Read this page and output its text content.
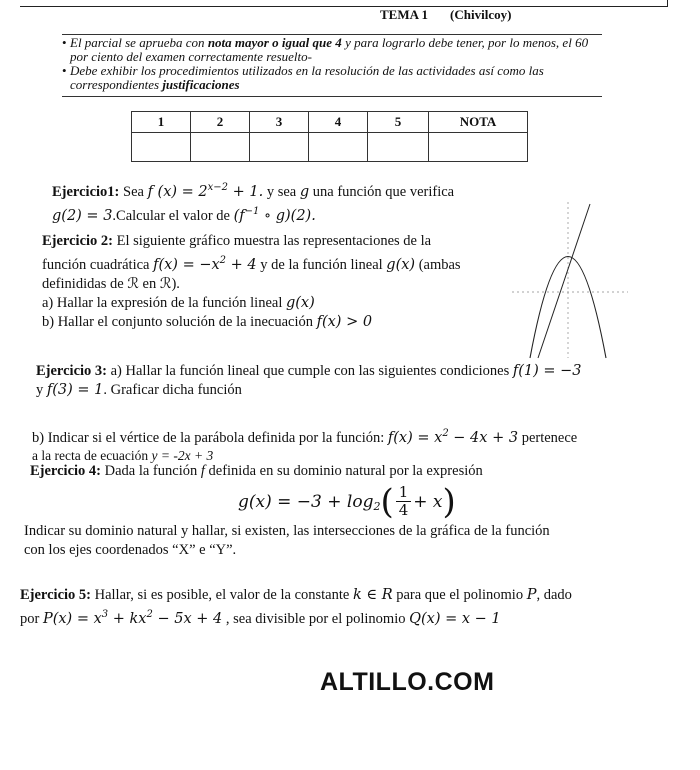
TEMA 1 (Chivilcoy)
• El parcial se aprueba con nota mayor o igual que 4 y para lograrlo debe tener, por lo menos, el 60 por ciento del examen correctamente resuelto-
• Debe exhibir los procedimientos utilizados en la resolución de las actividades así como las correspondientes justificaciones
1	2	3	4	5	NOTA

Ejercicio1: Sea f $(x) = 2^{x-2} + 1$. y sea g una función que verifica
g(2) = 3.Calcular el valor de ($f^{-1}$ ∘ g)(2).
Ejercicio 2: El siguiente gráfico muestra las representaciones de la
función cuadrática $f(x) = -x^2 + 4$ y de la función lineal g(x) (ambas
definididas de ℛ en ℛ).
a) Hallar la expresión de la función lineal g(x)
b) Hallar el conjunto solución de la inecuación f(x) > 0
Ejercicio 3: a) Hallar la función lineal que cumple con las siguientes condiciones f(1) = −3
y f(3) = 1. Graficar dicha función
b) Indicar si el vértice de la parábola definida por la función: $f(x) = x^2 - 4x + 3$ pertenece
a la recta de ecuación y = -2x + 3
Ejercicio 4: Dada la función f definida en su dominio natural por la expresión
$g(x) = -3 + \log_2$ ( $\frac{1}{4} + x$ )
Indicar su dominio natural y hallar, si existen, las intersecciones de la gráfica de la función
con los ejes coordenados “X” e “Y”.
Ejercicio 5: Hallar, si es posible, el valor de la constante k ∈ R para que el polinomio P, dado
por $P(x) = x^3 + kx^2 - 5x + 4$ , sea divisible por el polinomio Q(x) = x − 1
ALTILLO.COM
